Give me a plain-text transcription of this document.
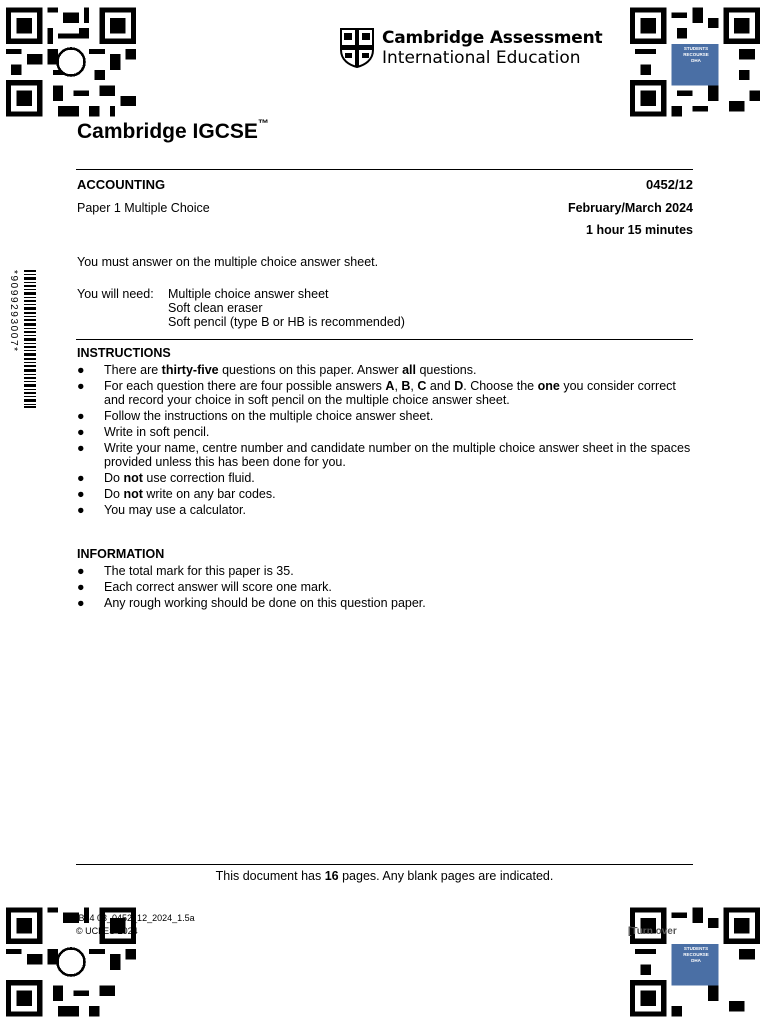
STUDENTS
RECOURSE
DHA
STUDENTS
RECOURSE
DHA
Cambridge Assessment
International Education
Cambridge IGCSE™
ACCOUNTING	0452/12
Paper 1 Multiple Choice	February/March 2024
1 hour 15 minutes
You must answer on the multiple choice answer sheet.
You will need: Multiple choice answer sheet
Soft clean eraser
Soft pencil (type B or HB is recommended)
*9099293007*
INSTRUCTIONS
● There are thirty-five questions on this paper. Answer all questions.
● For each question there are four possible answers A, B, C and D. Choose the one you consider correct and record your choice in soft pencil on the multiple choice answer sheet.
● Follow the instructions on the multiple choice answer sheet.
● Write in soft pencil.
● Write your name, centre number and candidate number on the multiple choice answer sheet in the spaces provided unless this has been done for you.
● Do not use correction fluid.
● Do not write on any bar codes.
● You may use a calculator.
INFORMATION
● The total mark for this paper is 35.
● Each correct answer will score one mark.
● Any rough working should be done on this question paper.
This document has 16 pages. Any blank pages are indicated.
IB24 03_0452_12_2024_1.5a
© UCLES 2024	[Turn over
